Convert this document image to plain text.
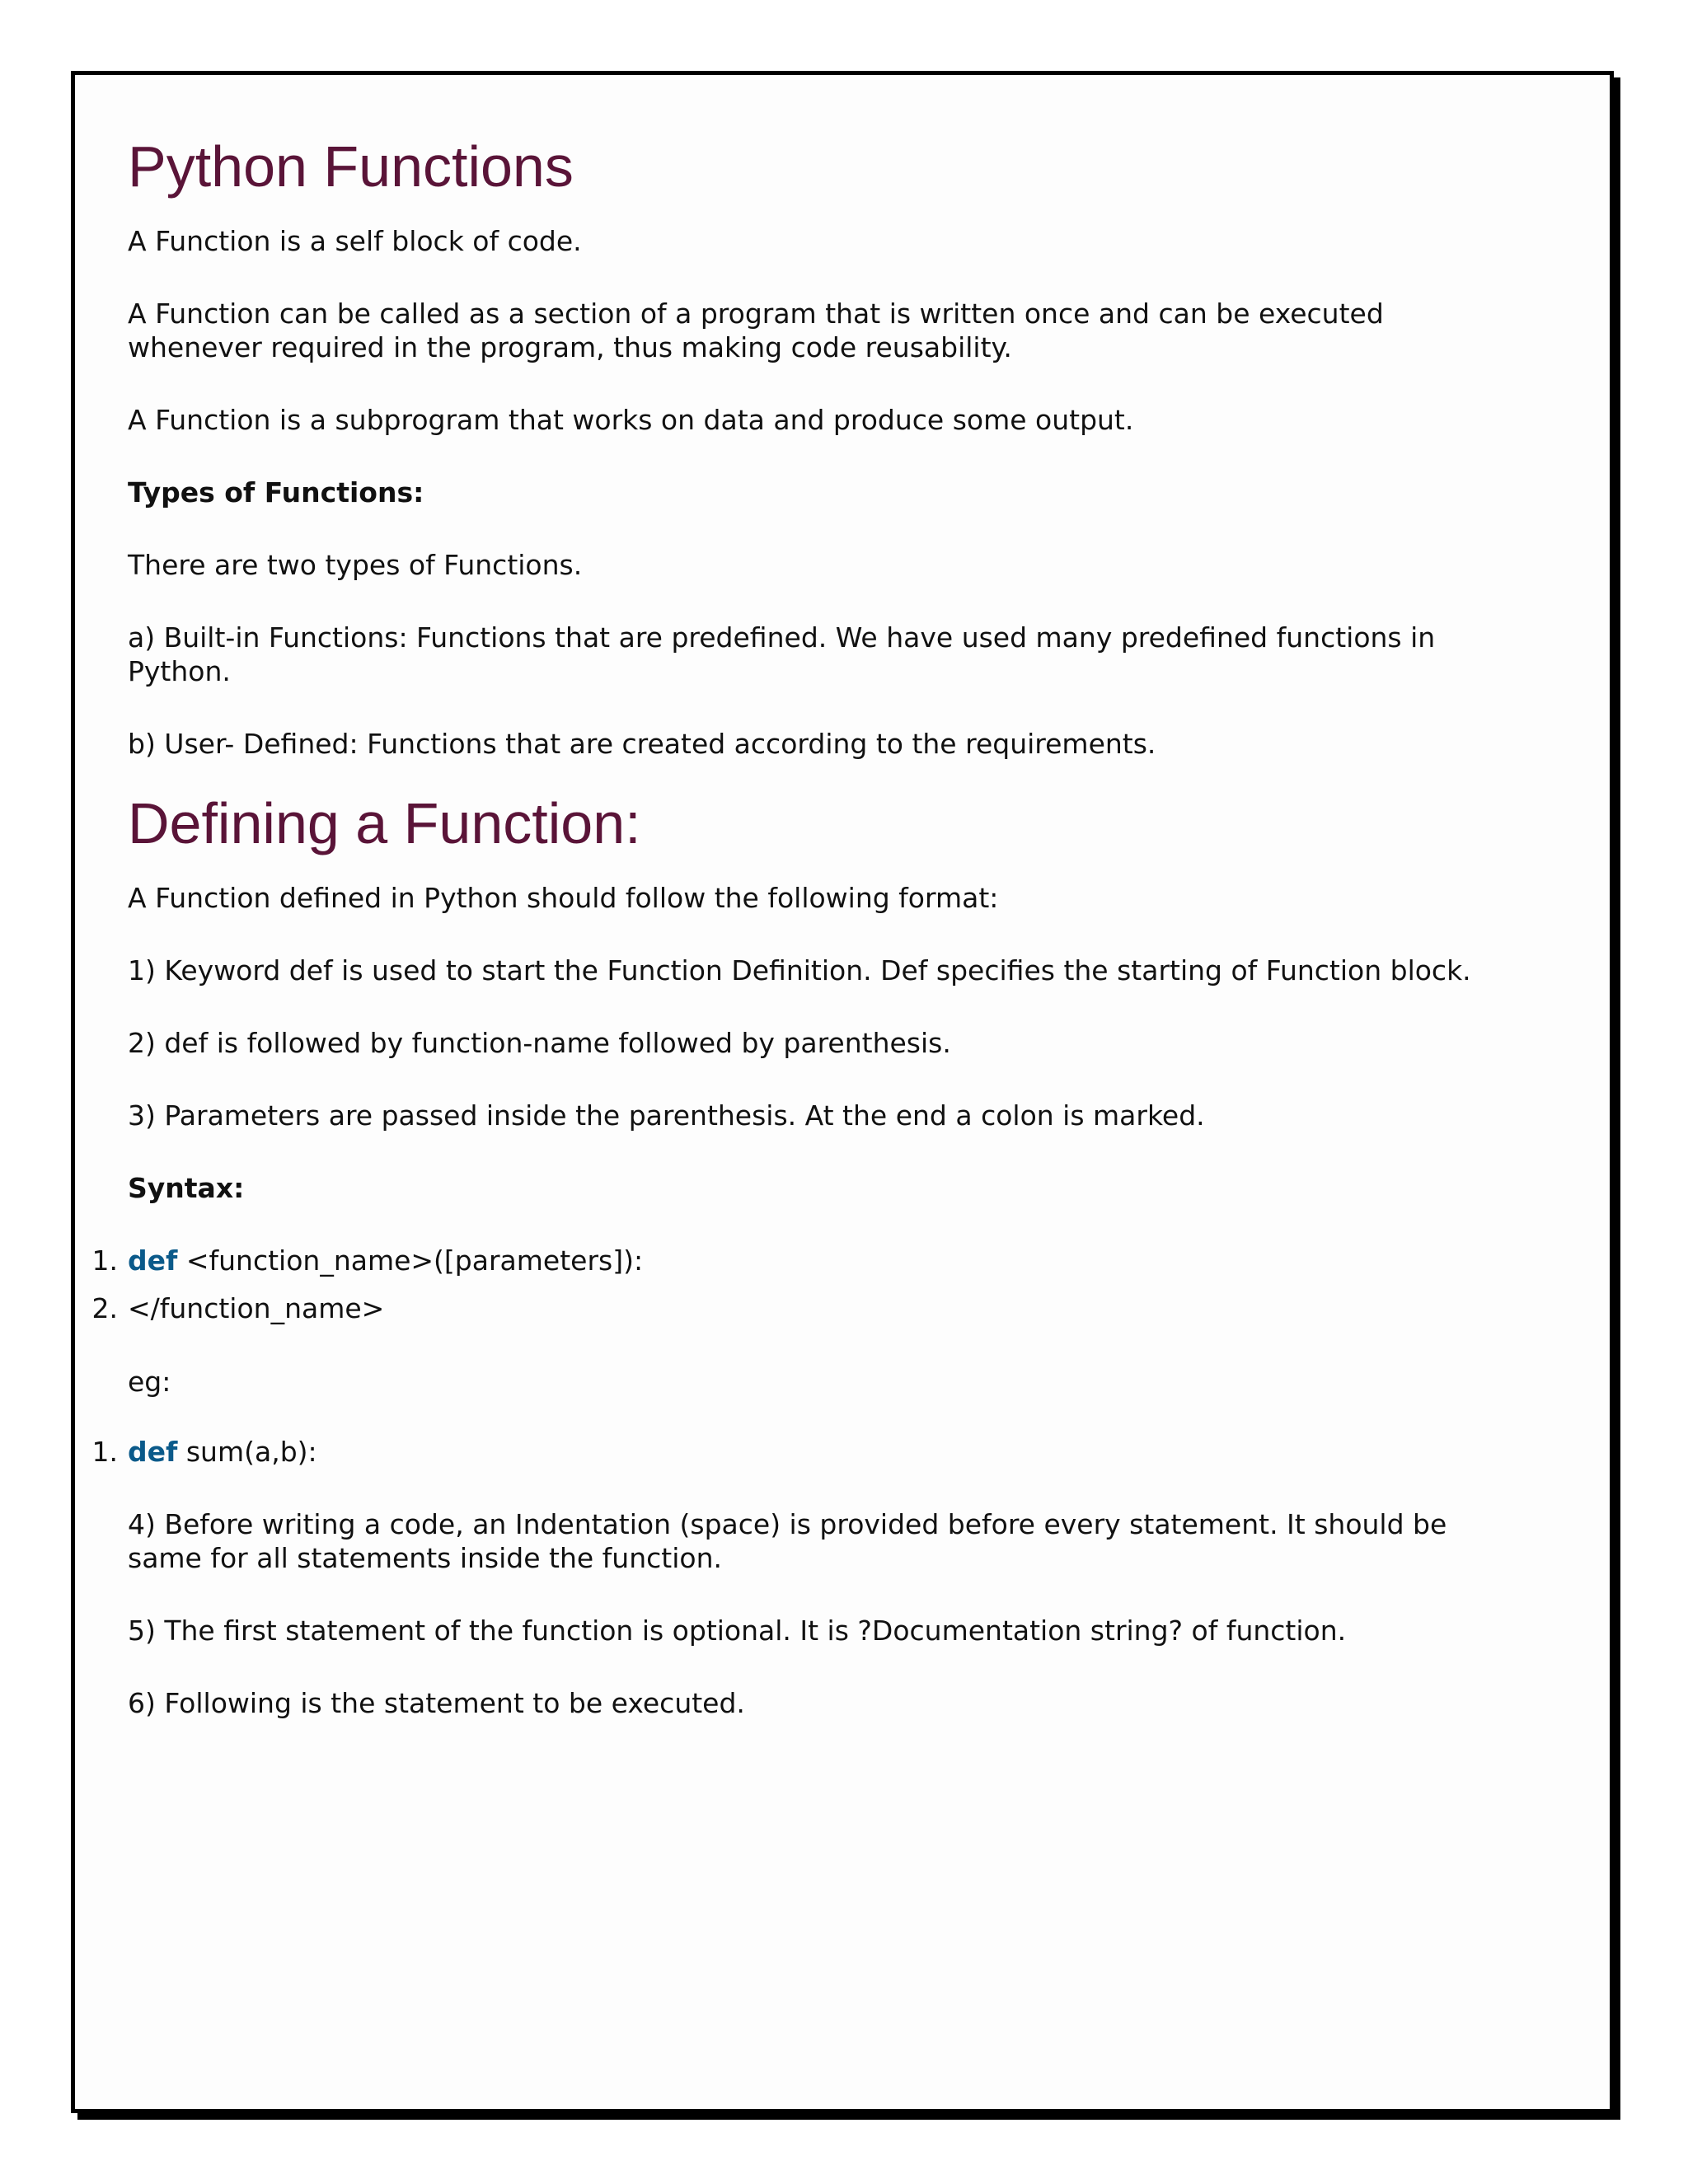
Python Functions

A Function is a self block of code.

A Function can be called as a section of a program that is written once and can be executed whenever required in the program, thus making code reusability.

A Function is a subprogram that works on data and produce some output.

Types of Functions:

There are two types of Functions.

a) Built-in Functions: Functions that are predefined. We have used many predefined functions in Python.

b) User- Defined: Functions that are created according to the requirements.

Defining a Function:

A Function defined in Python should follow the following format:

1) Keyword def is used to start the Function Definition. Def specifies the starting of Function block.

2) def is followed by function-name followed by parenthesis.

3) Parameters are passed inside the parenthesis. At the end a colon is marked.

Syntax:

1. def <function_name>([parameters]):
2. </function_name>

eg:

1. def sum(a,b):

4) Before writing a code, an Indentation (space) is provided before every statement. It should be same for all statements inside the function.

5) The first statement of the function is optional. It is ?Documentation string? of function.

6) Following is the statement to be executed.
